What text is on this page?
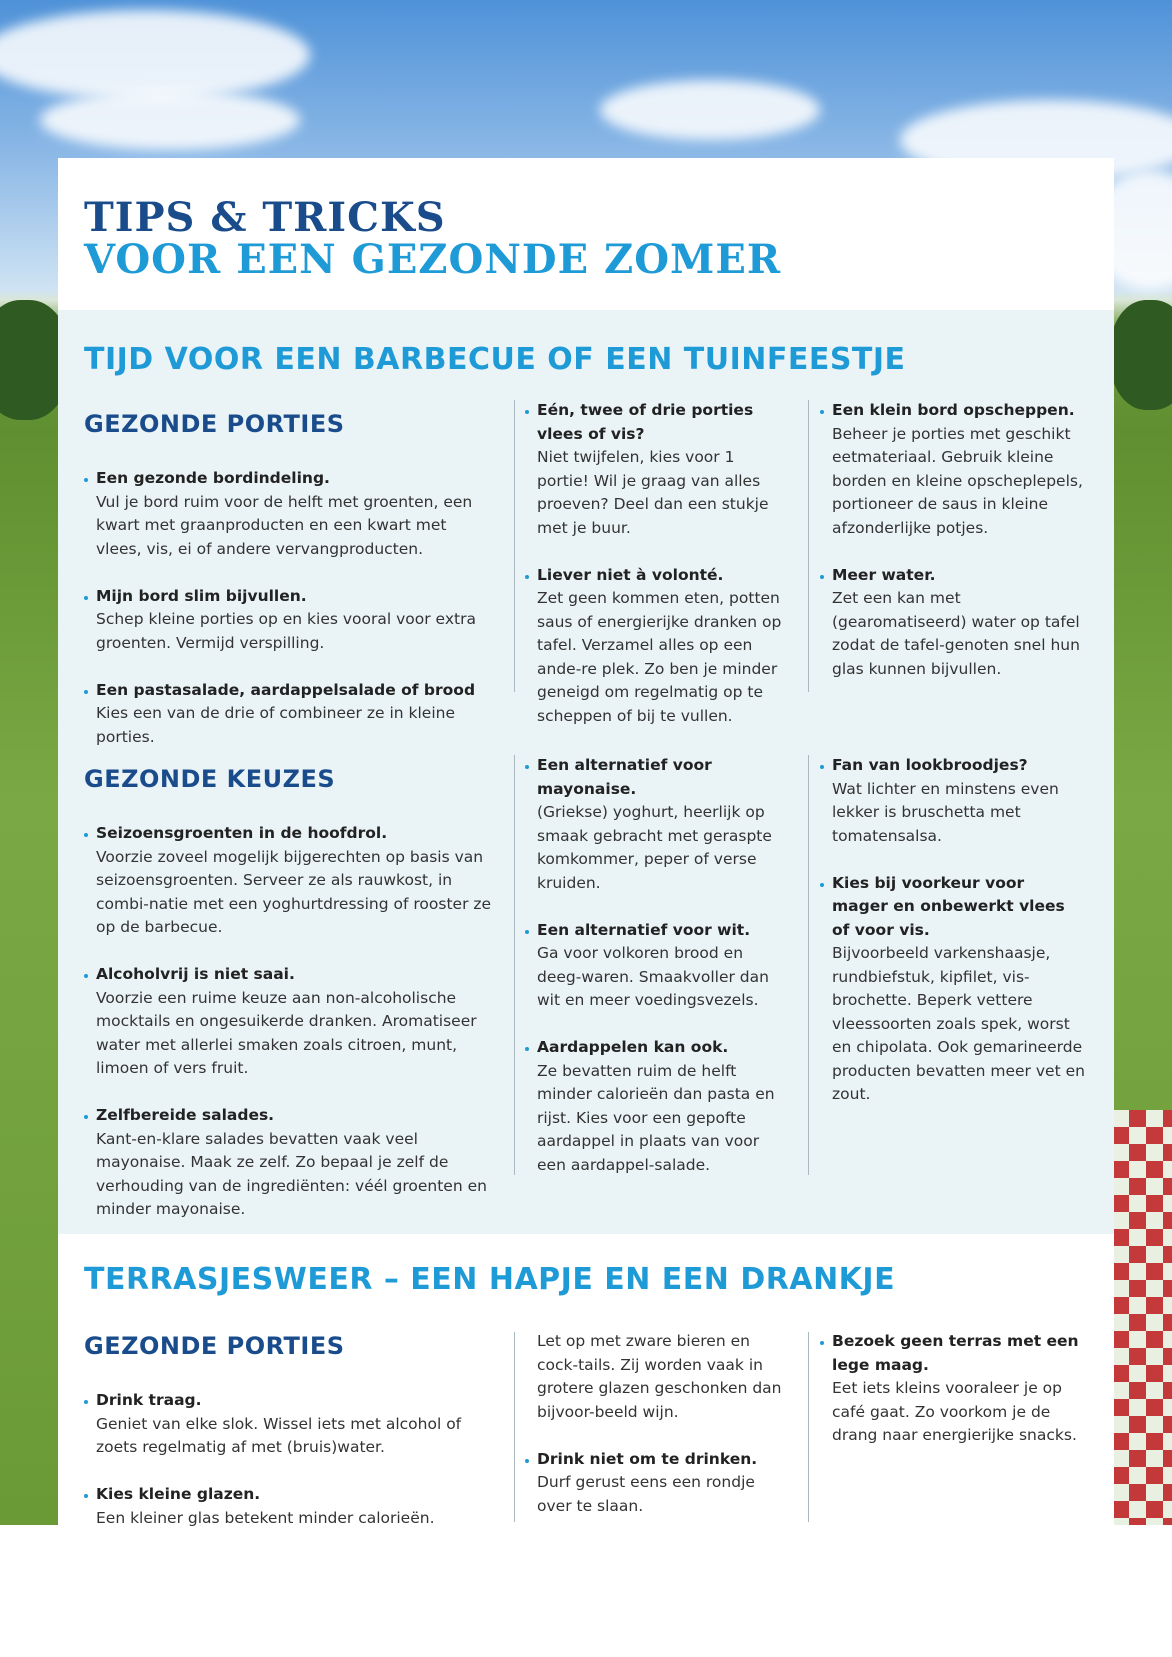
TIPS & TRICKS
VOOR EEN GEZONDE ZOMER
TIJD VOOR EEN BARBECUE OF EEN TUINFEESTJE
GEZONDE PORTIES

Een gezonde bordindeling.
Vul je bord ruim voor de helft met groenten, een kwart met graanproducten en een kwart met vlees, vis, ei of andere vervangproducten.

Mijn bord slim bijvullen.
Schep kleine porties op en kies vooral voor extra groenten. Vermijd verspilling.

Een pastasalade, aardappelsalade of brood
Kies een van de drie of combineer ze in kleine porties.

Eén, twee of drie porties vlees of vis?
Niet twijfelen, kies voor 1 portie! Wil je graag van alles proeven? Deel dan een stukje met je buur.

Liever niet à volonté.
Zet geen kommen eten, potten saus of energierijke dranken op tafel. Verzamel alles op een ande-re plek. Zo ben je minder geneigd om regelmatig op te scheppen of bij te vullen.

Een klein bord opscheppen.
Beheer je porties met geschikt eetmateriaal. Gebruik kleine borden en kleine opscheplepels, portioneer de saus in kleine afzonderlijke potjes.

Meer water.
Zet een kan met (gearomatiseerd) water op tafel zodat de tafel-genoten snel hun glas kunnen bijvullen.

GEZONDE KEUZES

Seizoensgroenten in de hoofdrol.
Voorzie zoveel mogelijk bijgerechten op basis van seizoensgroenten. Serveer ze als rauwkost, in combi-natie met een yoghurtdressing of rooster ze op de barbecue.

Alcoholvrij is niet saai.
Voorzie een ruime keuze aan non-alcoholische mocktails en ongesuikerde dranken. Aromatiseer water met allerlei smaken zoals citroen, munt, limoen of vers fruit.

Zelfbereide salades.
Kant-en-klare salades bevatten vaak veel mayonaise. Maak ze zelf. Zo bepaal je zelf de verhouding van de ingrediënten: véél groenten en minder mayonaise.

Een alternatief voor mayonaise.
(Griekse) yoghurt, heerlijk op smaak gebracht met geraspte komkommer, peper of verse kruiden.

Een alternatief voor wit.
Ga voor volkoren brood en deeg-waren. Smaakvoller dan wit en meer voedingsvezels.

Aardappelen kan ook.
Ze bevatten ruim de helft minder calorieën dan pasta en rijst. Kies voor een gepofte aardappel in plaats van voor een aardappel-salade.

Fan van lookbroodjes?
Wat lichter en minstens even lekker is bruschetta met tomatensalsa.

Kies bij voorkeur voor mager en onbewerkt vlees of voor vis.
Bijvoorbeeld varkenshaasje, rundbiefstuk, kipfilet, vis-brochette. Beperk vettere vleessoorten zoals spek, worst en chipolata. Ook gemarineerde producten bevatten meer vet en zout.

TERRASJESWEER – EEN HAPJE EN EEN DRANKJE
GEZONDE PORTIES

Drink traag.
Geniet van elke slok. Wissel iets met alcohol of zoets regelmatig af met (bruis)water.

Kies kleine glazen.
Een kleiner glas betekent minder calorieën.

Let op met zware bieren en cock-tails. Zij worden vaak in grotere glazen geschonken dan bijvoor-beeld wijn.

Drink niet om te drinken.
Durf gerust eens een rondje over te slaan.

Bezoek geen terras met een lege maag.
Eet iets kleins vooraleer je op café gaat. Zo voorkom je de drang naar energierijke snacks.
